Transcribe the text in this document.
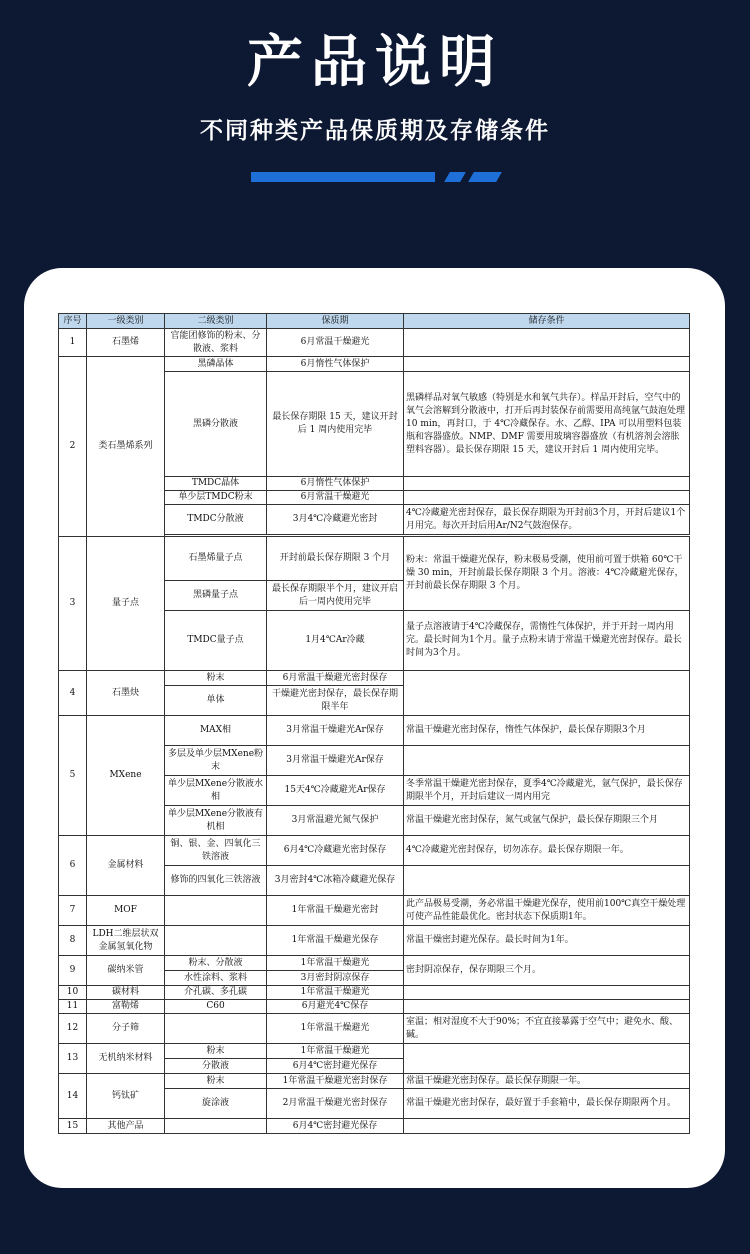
产品说明
不同种类产品保质期及存储条件
序号	一级类别	二级类别	保质期	储存条件
1	石墨烯	官能团修饰的粉末、分散液、浆料	6月常温干燥避光	
2	类石墨烯系列	黑磷晶体	6月惰性气体保护	
		黑磷分散液	最长保存期限 15 天，建议开封后 1 周内使用完毕	黑磷样品对氧气敏感（特别是水和氧气共存）。样品开封后，空气中的氧气会溶解到分散液中，打开后再封装保存前需要用高纯氩气鼓泡处理 10 min，再封口，于 4℃冷藏保存。水、乙醇、IPA 可以用塑料包装瓶和容器盛放。NMP、DMF 需要用玻璃容器盛放（有机溶剂会溶胀塑料容器）。最长保存期限 15 天，建议开封后 1 周内使用完毕。
		TMDC晶体	6月惰性气体保护	
		单少层TMDC粉末	6月常温干燥避光	
		TMDC分散液	3月4℃冷藏避光密封	4℃冷藏避光密封保存，最长保存期限为开封前3个月，开封后建议1个月用完。每次开封后用Ar/N2气鼓泡保存。

3	量子点	石墨烯量子点	开封前最长保存期限 3 个月	粉末：常温干燥避光保存，粉末极易受潮，使用前可置于烘箱 60℃干燥 30 min，开封前最长保存期限 3 个月。溶液：4℃冷藏避光保存，开封前最长保存期限 3 个月。
		黑磷量子点	最长保存期限半个月，建议开启后一周内使用完毕	
		TMDC量子点	1月4℃Ar冷藏	量子点溶液请于4℃冷藏保存，需惰性气体保护，并于开封一周内用完。最长时间为1个月。量子点粉末请于常温干燥避光密封保存。最长时间为3个月。
4	石墨炔	粉末	6月常温干燥避光密封保存	
		单体	干燥避光密封保存，最长保存期限半年	
5	MXene	MAX相	3月常温干燥避光Ar保存	常温干燥避光密封保存，惰性气体保护，最长保存期限3个月
		多层及单少层MXene粉末	3月常温干燥避光Ar保存	
		单少层MXene分散液水相	15天4℃冷藏避光Ar保存	冬季常温干燥避光密封保存，夏季4℃冷藏避光，氩气保护，最长保存期限半个月，开封后建议一周内用完
		单少层MXene分散液有机相	3月常温避光氮气保护	常温干燥避光密封保存，氮气或氩气保护，最长保存期限三个月
6	金属材料	铜、银、金、四氧化三铁溶液	6月4℃冷藏避光密封保存	4℃冷藏避光密封保存，切勿冻存。最长保存期限一年。
		修饰的四氧化三铁溶液	3月密封4℃冰箱冷藏避光保存	
7	MOF		1年常温干燥避光密封	此产品极易受潮，务必常温干燥避光保存，使用前100℃真空干燥处理可使产品性能最优化。密封状态下保质期1年。
8	LDH二维层状双金属氢氧化物		1年常温干燥避光保存	常温干燥密封避光保存。最长时间为1年。
9	碳纳米管	粉末、分散液	1年常温干燥避光	密封阴凉保存，保存期限三个月。
		水性涂料、浆料	3月密封阴凉保存	
10	碳材料	介孔碳、多孔碳	1年常温干燥避光	
11	富勒烯	C60	6月避光4℃保存	
12	分子筛		1年常温干燥避光	室温；相对湿度不大于90%；不宜直接暴露于空气中；避免水、酸、碱。
13	无机纳米材料	粉末	1年常温干燥避光	
		分散液	6月4℃密封避光保存	
14	钙钛矿	粉末	1年常温干燥避光密封保存	常温干燥避光密封保存。最长保存期限一年。
		旋涂液	2月常温干燥避光密封保存	常温干燥避光密封保存，最好置于手套箱中，最长保存期限两个月。
15	其他产品		6月4℃密封避光保存	
